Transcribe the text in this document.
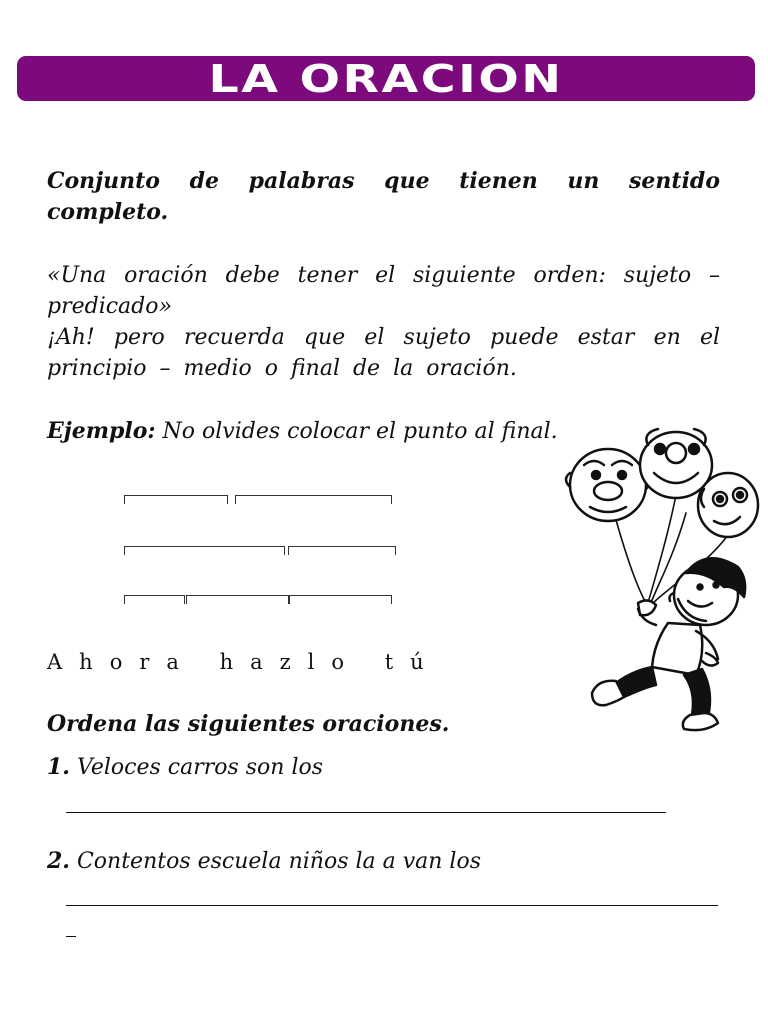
LA ORACION

Conjunto de palabras que tienen un sentido completo.

«Una oración debe tener el siguiente orden: sujeto – predicado»
¡Ah! pero recuerda que el sujeto puede estar en el principio – medio o final de la oración.

Ejemplo: No olvides colocar el punto al final.

Ahora hazlo tú

Ordena las siguientes oraciones.

1. Veloces carros son los

2. Contentos escuela niños la a van los
